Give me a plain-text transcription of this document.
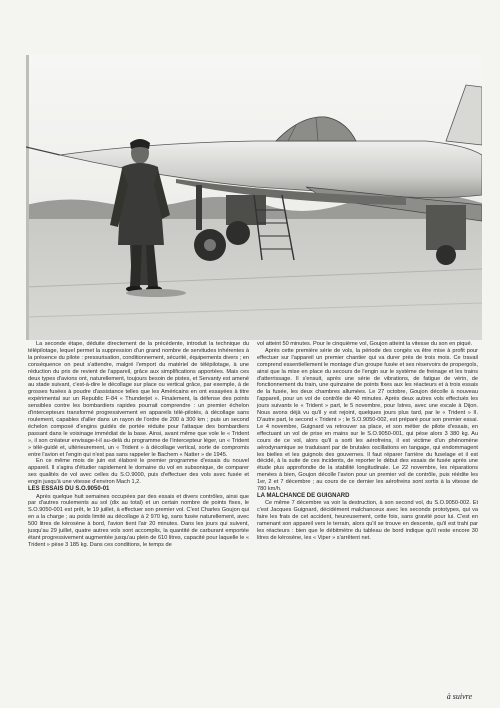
La seconde étape, déduite directement de la précédente, introduit la technique du télépilotage, lequel permet la suppression d'un grand nombre de servitudes inhérentes à la présence du pilote : pressurisation, conditionnement, sécurité, équipements divers ; en conséquence on peut s'attendre, malgré l'emport du matériel de télépilotage, à une réduction du prix de revient de l'appareil, grâce aux simplifications apportées. Mais ces deux types d'avions ont, naturellement, toujours besoin de pistes, et Servanty est amené au stade suivant, c'est-à-dire le décollage sur place ou vertical grâce, par exemple, à de grosses fusées à poudre d'assistance telles que les Américains en ont essayées à titre expérimental sur un Republic F-84 « Thunderjet ». Finalement, la défense des points sensibles contre les bombardiers rapides pourrait comprendre : un premier échelon d'intercepteurs transformé progressivement en appareils télé-pilotés, à décollage sans roulement, capables d'aller dans un rayon de l'ordre de 200 à 300 km ; puis un second échelon composé d'engins guidés de portée réduite pour l'attaque des bombardiers passant dans le voisinage immédiat de la base. Ainsi, avant même que vole le « Trident », il son créateur envisage-t-il au-delà du programme de l'intercepteur léger, un « Trident » télé-guidé et, ultérieurement, un « Trident » à décollage vertical, sorte de compromis entre l'avion et l'engin qui n'est pas sans rappeler le Bachem « Natter » de 1945.

En ce même mois de juin est élaboré le premier programme d'essais du nouvel appareil. Il s'agira d'étudier rapidement le domaine du vol en subsonique, de comparer ses qualités de vol avec celles du S.O.9000, puis d'effectuer des vols avec fusée et engin jusqu'à une vitesse d'environ Mach 1,2.

LES ESSAIS DU S.O.9050-01

Après quelque huit semaines occupées par des essais et divers contrôles, ainsi que par d'autres roulements au sol (dix au total) et un certain nombre de points fixes, le S.O.9050-001 est prêt, le 19 juillet, à effectuer son premier vol. C'est Charles Goujon qui en a la charge ; au poids limité au décollage à 2 970 kg, sans fusée naturellement, avec 500 litres de kérosène à bord, l'avion tient l'air 20 minutes. Dans les jours qui suivent, jusqu'au 29 juillet, quatre autres vols sont accomplis, la quantité de carburant emportée étant progressivement augmentée jusqu'au plein de 610 litres, capacité pour laquelle le « Trident » pèse 3 185 kg. Dans ces conditions, le temps de

vol atteint 50 minutes. Pour le cinquième vol, Goujon atteint la vitesse du son en piqué.

Après cette première série de vols, la période des congés va être mise à profit pour effectuer sur l'appareil un premier chantier qui va durer près de trois mois. Ce travail comprend essentiellement le montage d'un groupe fusée et ses réservoirs de propergols, ainsi que la mise en place du secours de l'engin sur le système de freinage et les trains d'atterrissage. Il s'ensuit, après une série de vibrations, de fatigue de vérin, de fonctionnement du train, une quinzaine de points fixes aux les réacteurs et à trois essais de la fusée, les deux chambres allumées. Le 27 octobre, Goujon décolle à nouveau l'appareil, pour un vol de contrôle de 40 minutes. Après deux autres vols effectués les jours suivants le « Trident » part, le 5 novembre, pour Istres, avec une escale à Dijon. Nous avons déjà vu qu'il y est rejoint, quelques jours plus tard, par le « Trident » II. D'autre part, le second « Trident » ; le S.O.9050-002, est préparé pour son premier essai. Le 4 novembre, Guignard va retrouver sa place, et son métier de pilote d'essais, en effectuant un vol de prise en mains sur le S.O.9050-001, qui pèse alors 3 380 kg. Au cours de ce vol, alors qu'il a sorti les aérofreins, il est victime d'un phénomène aérodynamique se traduisant par de brutales oscillations en tangage, qui endommagent les bielles et les guignols des gouvernes. Il faut réparer l'arrière du fuselage et il est décidé, à la suite de ces incidents, de reporter le début des essais de fusée après une étude plus approfondie de la stabilité longitudinale. Le 22 novembre, les réparations menées à bien, Goujon décolle l'avion pour un premier vol de contrôle, puis réédite les 1er, 2 et 7 décembre ; au cours de ce dernier les aérofreins sont sortis à la vitesse de 780 km/h.

LA MALCHANCE DE GUIGNARD

Ce même 7 décembre va voir la destruction, à son second vol, du S.O.9050-002. Et c'est Jacques Guignard, décidément malchanceux avec les seconds prototypes, qui va faire les frais de cet accident, heureusement, cette fois, sans gravité pour lui. C'est en ramenant son appareil vers le terrain, alors qu'il se trouve en descente, qu'il est trahi par les réacteurs : bien que le débitmètre du tableau de bord indique qu'il reste encore 30 litres de kérosène, les « Viper » s'arrêtent net.

à suivre
